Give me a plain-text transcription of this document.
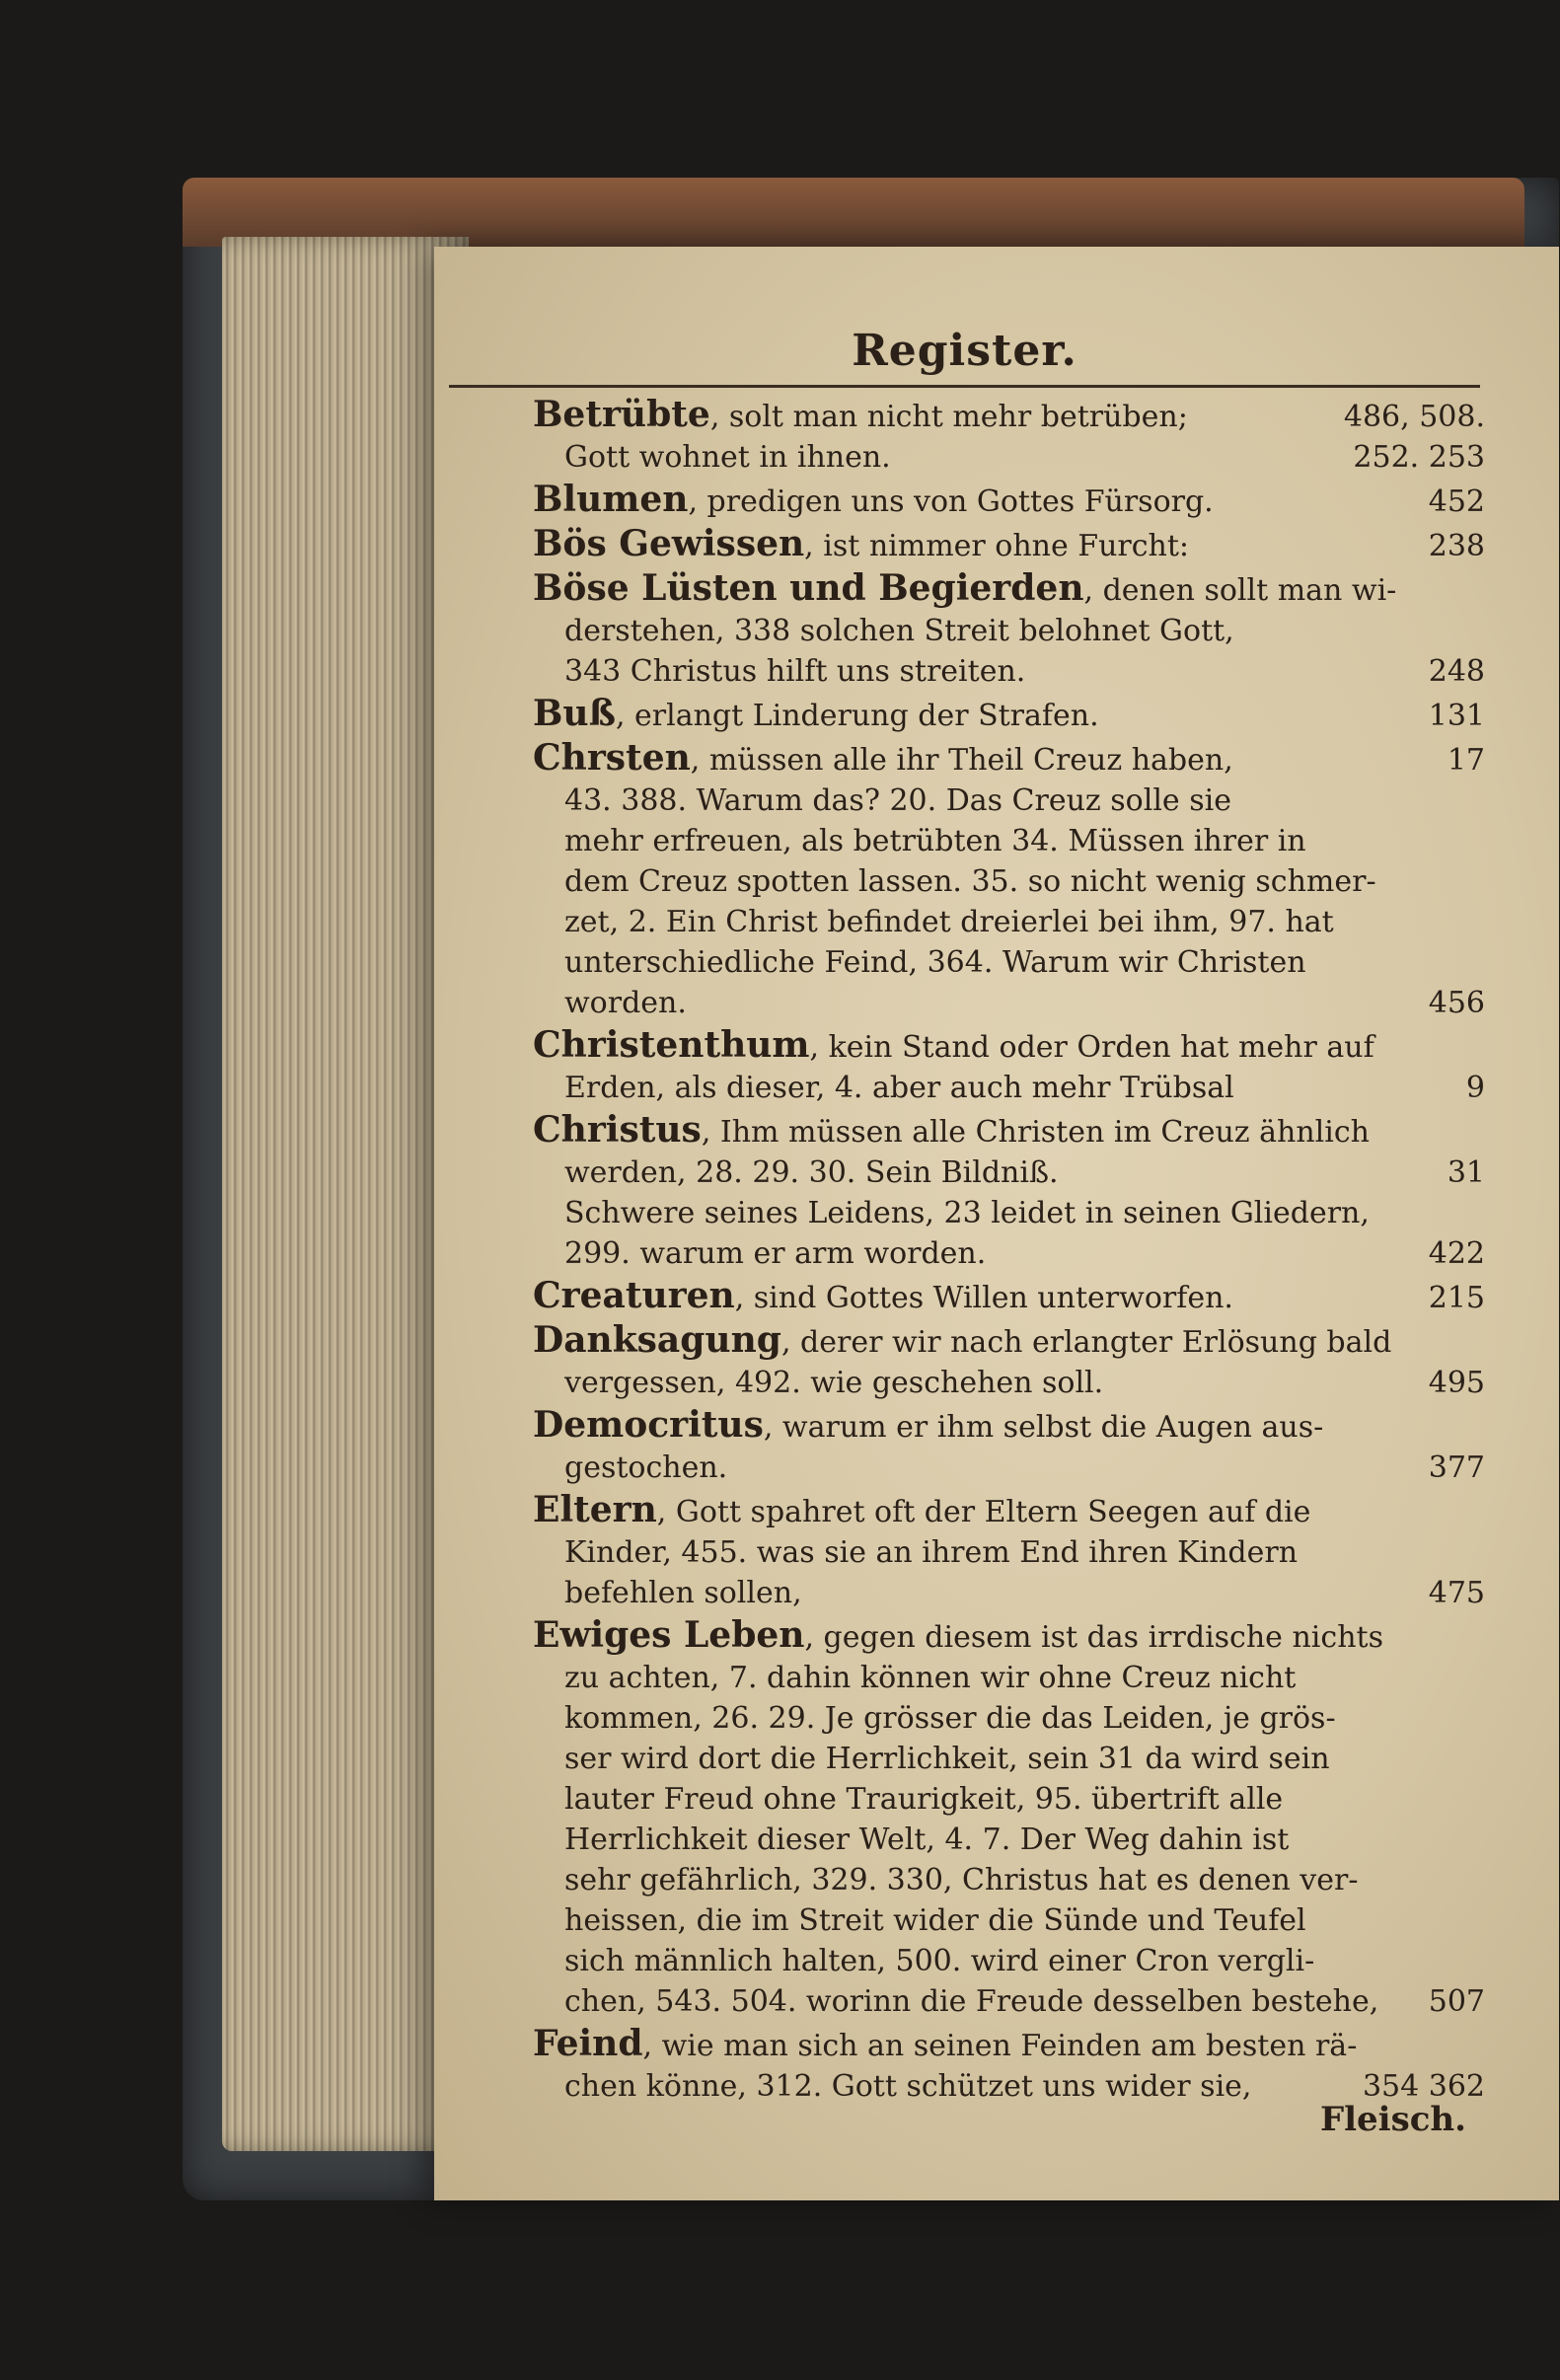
Register.
Betrübte, solt man nicht mehr betrüben;	486, 508.
Gott wohnet in ihnen.	252. 253
Blumen, predigen uns von Gottes Fürsorg.	452
Bös Gewissen, ist nimmer ohne Furcht:	238
Böse Lüsten und Begierden, denen sollt man wi-
derstehen, 338 solchen Streit belohnet Gott,
343 Christus hilft uns streiten.	248
Buß, erlangt Linderung der Strafen.	131
Chrsten, müssen alle ihr Theil Creuz haben,	17
43. 388. Warum das? 20. Das Creuz solle sie
mehr erfreuen, als betrübten 34. Müssen ihrer in
dem Creuz spotten lassen. 35. so nicht wenig schmer-
zet, 2. Ein Christ befindet dreierlei bei ihm, 97. hat
unterschiedliche Feind, 364. Warum wir Christen
worden.	456
Christenthum, kein Stand oder Orden hat mehr auf
Erden, als dieser, 4. aber auch mehr Trübsal	9
Christus, Ihm müssen alle Christen im Creuz ähnlich
werden, 28. 29. 30. Sein Bildniß.	31
Schwere seines Leidens, 23 leidet in seinen Gliedern,
299. warum er arm worden.	422
Creaturen, sind Gottes Willen unterworfen.	215
Danksagung, derer wir nach erlangter Erlösung bald
vergessen, 492. wie geschehen soll.	495
Democritus, warum er ihm selbst die Augen aus-
gestochen.	377
Eltern, Gott spahret oft der Eltern Seegen auf die
Kinder, 455. was sie an ihrem End ihren Kindern
befehlen sollen,	475
Ewiges Leben, gegen diesem ist das irrdische nichts
zu achten, 7. dahin können wir ohne Creuz nicht
kommen, 26. 29. Je grösser die das Leiden, je grös-
ser wird dort die Herrlichkeit, sein 31 da wird sein
lauter Freud ohne Traurigkeit, 95. übertrift alle
Herrlichkeit dieser Welt, 4. 7. Der Weg dahin ist
sehr gefährlich, 329. 330, Christus hat es denen ver-
heissen, die im Streit wider die Sünde und Teufel
sich männlich halten, 500. wird einer Cron vergli-
chen, 543. 504. worinn die Freude desselben bestehe,	507
Feind, wie man sich an seinen Feinden am besten rä-
chen könne, 312. Gott schützet uns wider sie,	354 362
Fleisch.
